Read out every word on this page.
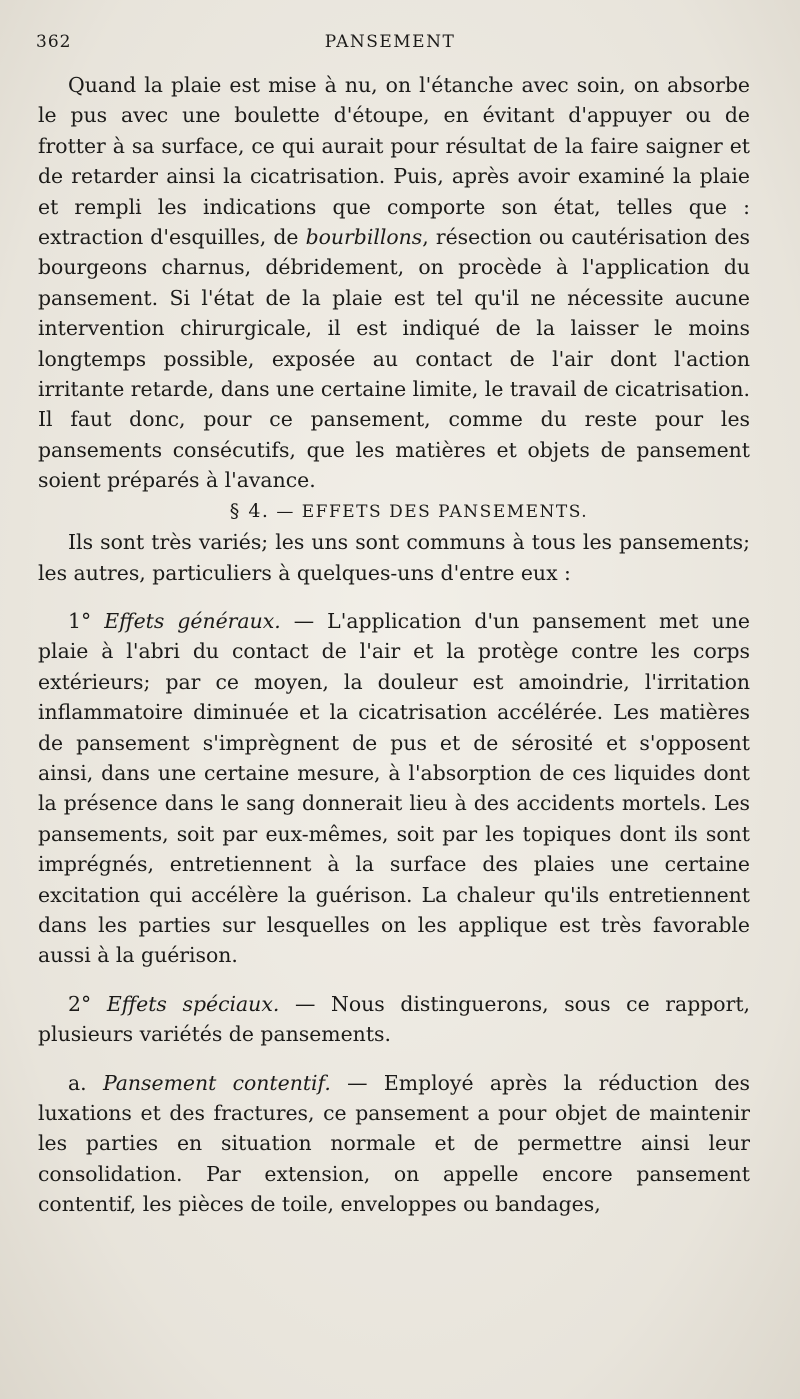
362	PANSEMENT

Quand la plaie est mise à nu, on l'étanche avec soin, on absorbe le pus avec une boulette d'étoupe, en évitant d'appuyer ou de frotter à sa surface, ce qui aurait pour résultat de la faire saigner et de retarder ainsi la cicatrisation. Puis, après avoir examiné la plaie et rempli les indications que comporte son état, telles que : extraction d'esquilles, de bourbillons, résection ou cautérisation des bourgeons charnus, débridement, on procède à l'application du pansement. Si l'état de la plaie est tel qu'il ne nécessite aucune intervention chirurgicale, il est indiqué de la laisser le moins longtemps possible, exposée au contact de l'air dont l'action irritante retarde, dans une certaine limite, le travail de cicatrisation. Il faut donc, pour ce pansement, comme du reste pour les pansements consécutifs, que les matières et objets de pansement soient préparés à l'avance.

§ 4. — EFFETS DES PANSEMENTS.

Ils sont très variés; les uns sont communs à tous les pansements; les autres, particuliers à quelques-uns d'entre eux :

1° Effets généraux. — L'application d'un pansement met une plaie à l'abri du contact de l'air et la protège contre les corps extérieurs; par ce moyen, la douleur est amoindrie, l'irritation inflammatoire diminuée et la cicatrisation accélérée. Les matières de pansement s'imprègnent de pus et de sérosité et s'opposent ainsi, dans une certaine mesure, à l'absorption de ces liquides dont la présence dans le sang donnerait lieu à des accidents mortels. Les pansements, soit par eux-mêmes, soit par les topiques dont ils sont imprégnés, entretiennent à la surface des plaies une certaine excitation qui accélère la guérison. La chaleur qu'ils entretiennent dans les parties sur lesquelles on les applique est très favorable aussi à la guérison.

2° Effets spéciaux. — Nous distinguerons, sous ce rapport, plusieurs variétés de pansements.

a. Pansement contentif. — Employé après la réduction des luxations et des fractures, ce pansement a pour objet de maintenir les parties en situation normale et de permettre ainsi leur consolidation. Par extension, on appelle encore pansement contentif, les pièces de toile, enveloppes ou bandages,
